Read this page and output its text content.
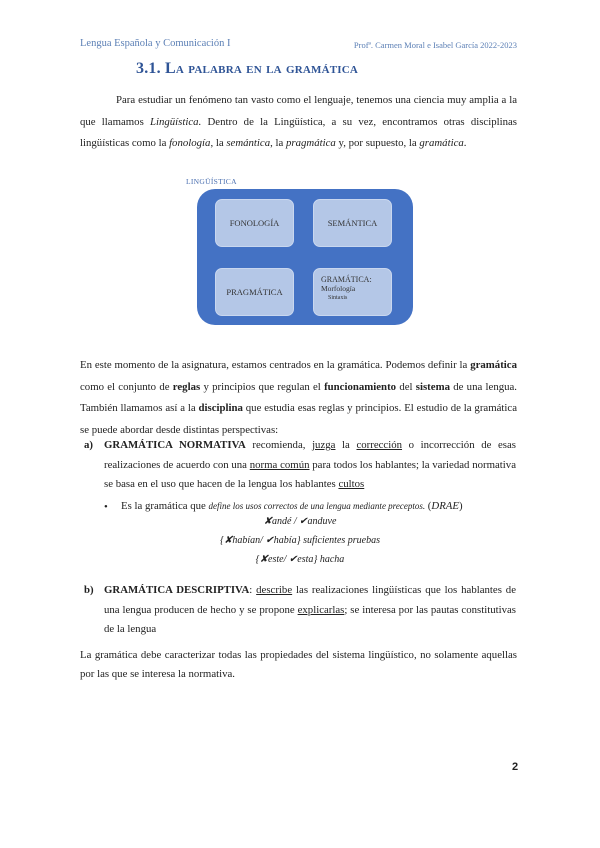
Lengua Española y Comunicación I	Profª. Carmen Moral e Isabel García 2022-2023
3.1. La palabra en la gramática
Para estudiar un fenómeno tan vasto como el lenguaje, tenemos una ciencia muy amplia a la que llamamos Lingüística. Dentro de la Lingüística, a su vez, encontramos otras disciplinas lingüísticas como la fonología, la semántica, la pragmática y, por supuesto, la gramática.
LINGÜÍSTICA
FONOLOGÍA	SEMÁNTICA
PRAGMÁTICA
GRAMÁTICA:
Morfología
Sintaxis
En este momento de la asignatura, estamos centrados en la gramática. Podemos definir la gramática como el conjunto de reglas y principios que regulan el funcionamiento del sistema de una lengua. También llamamos así a la disciplina que estudia esas reglas y principios. El estudio de la gramática se puede abordar desde distintas perspectivas:
a) GRAMÁTICA NORMATIVA recomienda, juzga la corrección o incorrección de esas realizaciones de acuerdo con una norma común para todos los hablantes; la variedad normativa se basa en el uso que hacen de la lengua los hablantes cultos
• Es la gramática que define los usos correctos de una lengua mediante preceptos. (DRAE)
✘andé / ✔anduve
{✘habían/ ✔había} suficientes pruebas
{✘este/ ✔esta} hacha
b) GRAMÁTICA DESCRIPTIVA: describe las realizaciones lingüísticas que los hablantes de una lengua producen de hecho y se propone explicarlas; se interesa por las pautas constitutivas de la lengua
La gramática debe caracterizar todas las propiedades del sistema lingüístico, no solamente aquellas por las que se interesa la normativa.
2
